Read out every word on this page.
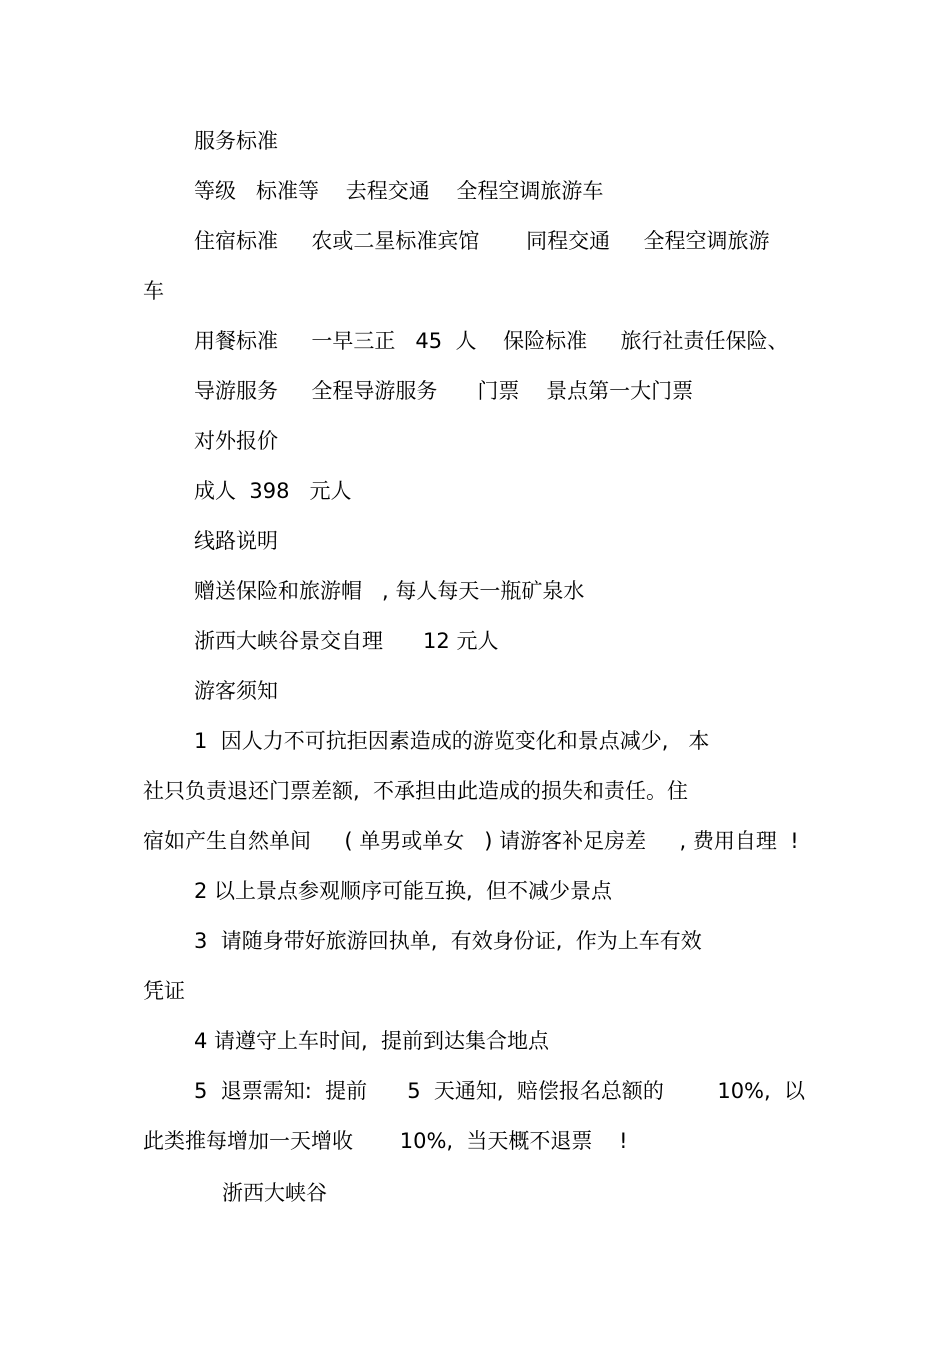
服务标准
等级   标准等    去程交通    全程空调旅游车
住宿标准     农或二星标准宾馆       同程交通     全程空调旅游
车
用餐标准     一早三正   45  人    保险标准     旅行社责任保险、
导游服务     全程导游服务      门票    景点第一大门票
对外报价
成人  398   元人
线路说明
赠送保险和旅游帽   , 每人每天一瓶矿泉水
浙西大峡谷景交自理      12 元人
游客须知
1  因人力不可抗拒因素造成的游览变化和景点减少,   本
社只负责退还门票差额,  不承担由此造成的损失和责任。住
宿如产生自然单间     ( 单男或单女   ) 请游客补足房差     , 费用自理  !
2 以上景点参观顺序可能互换,  但不减少景点
3  请随身带好旅游回执单,  有效身份证,  作为上车有效
凭证
4 请遵守上车时间,  提前到达集合地点
5  退票需知:  提前      5  天通知,  赔偿报名总额的        10%,  以
此类推每增加一天增收       10%,  当天概不退票    !
浙西大峡谷
